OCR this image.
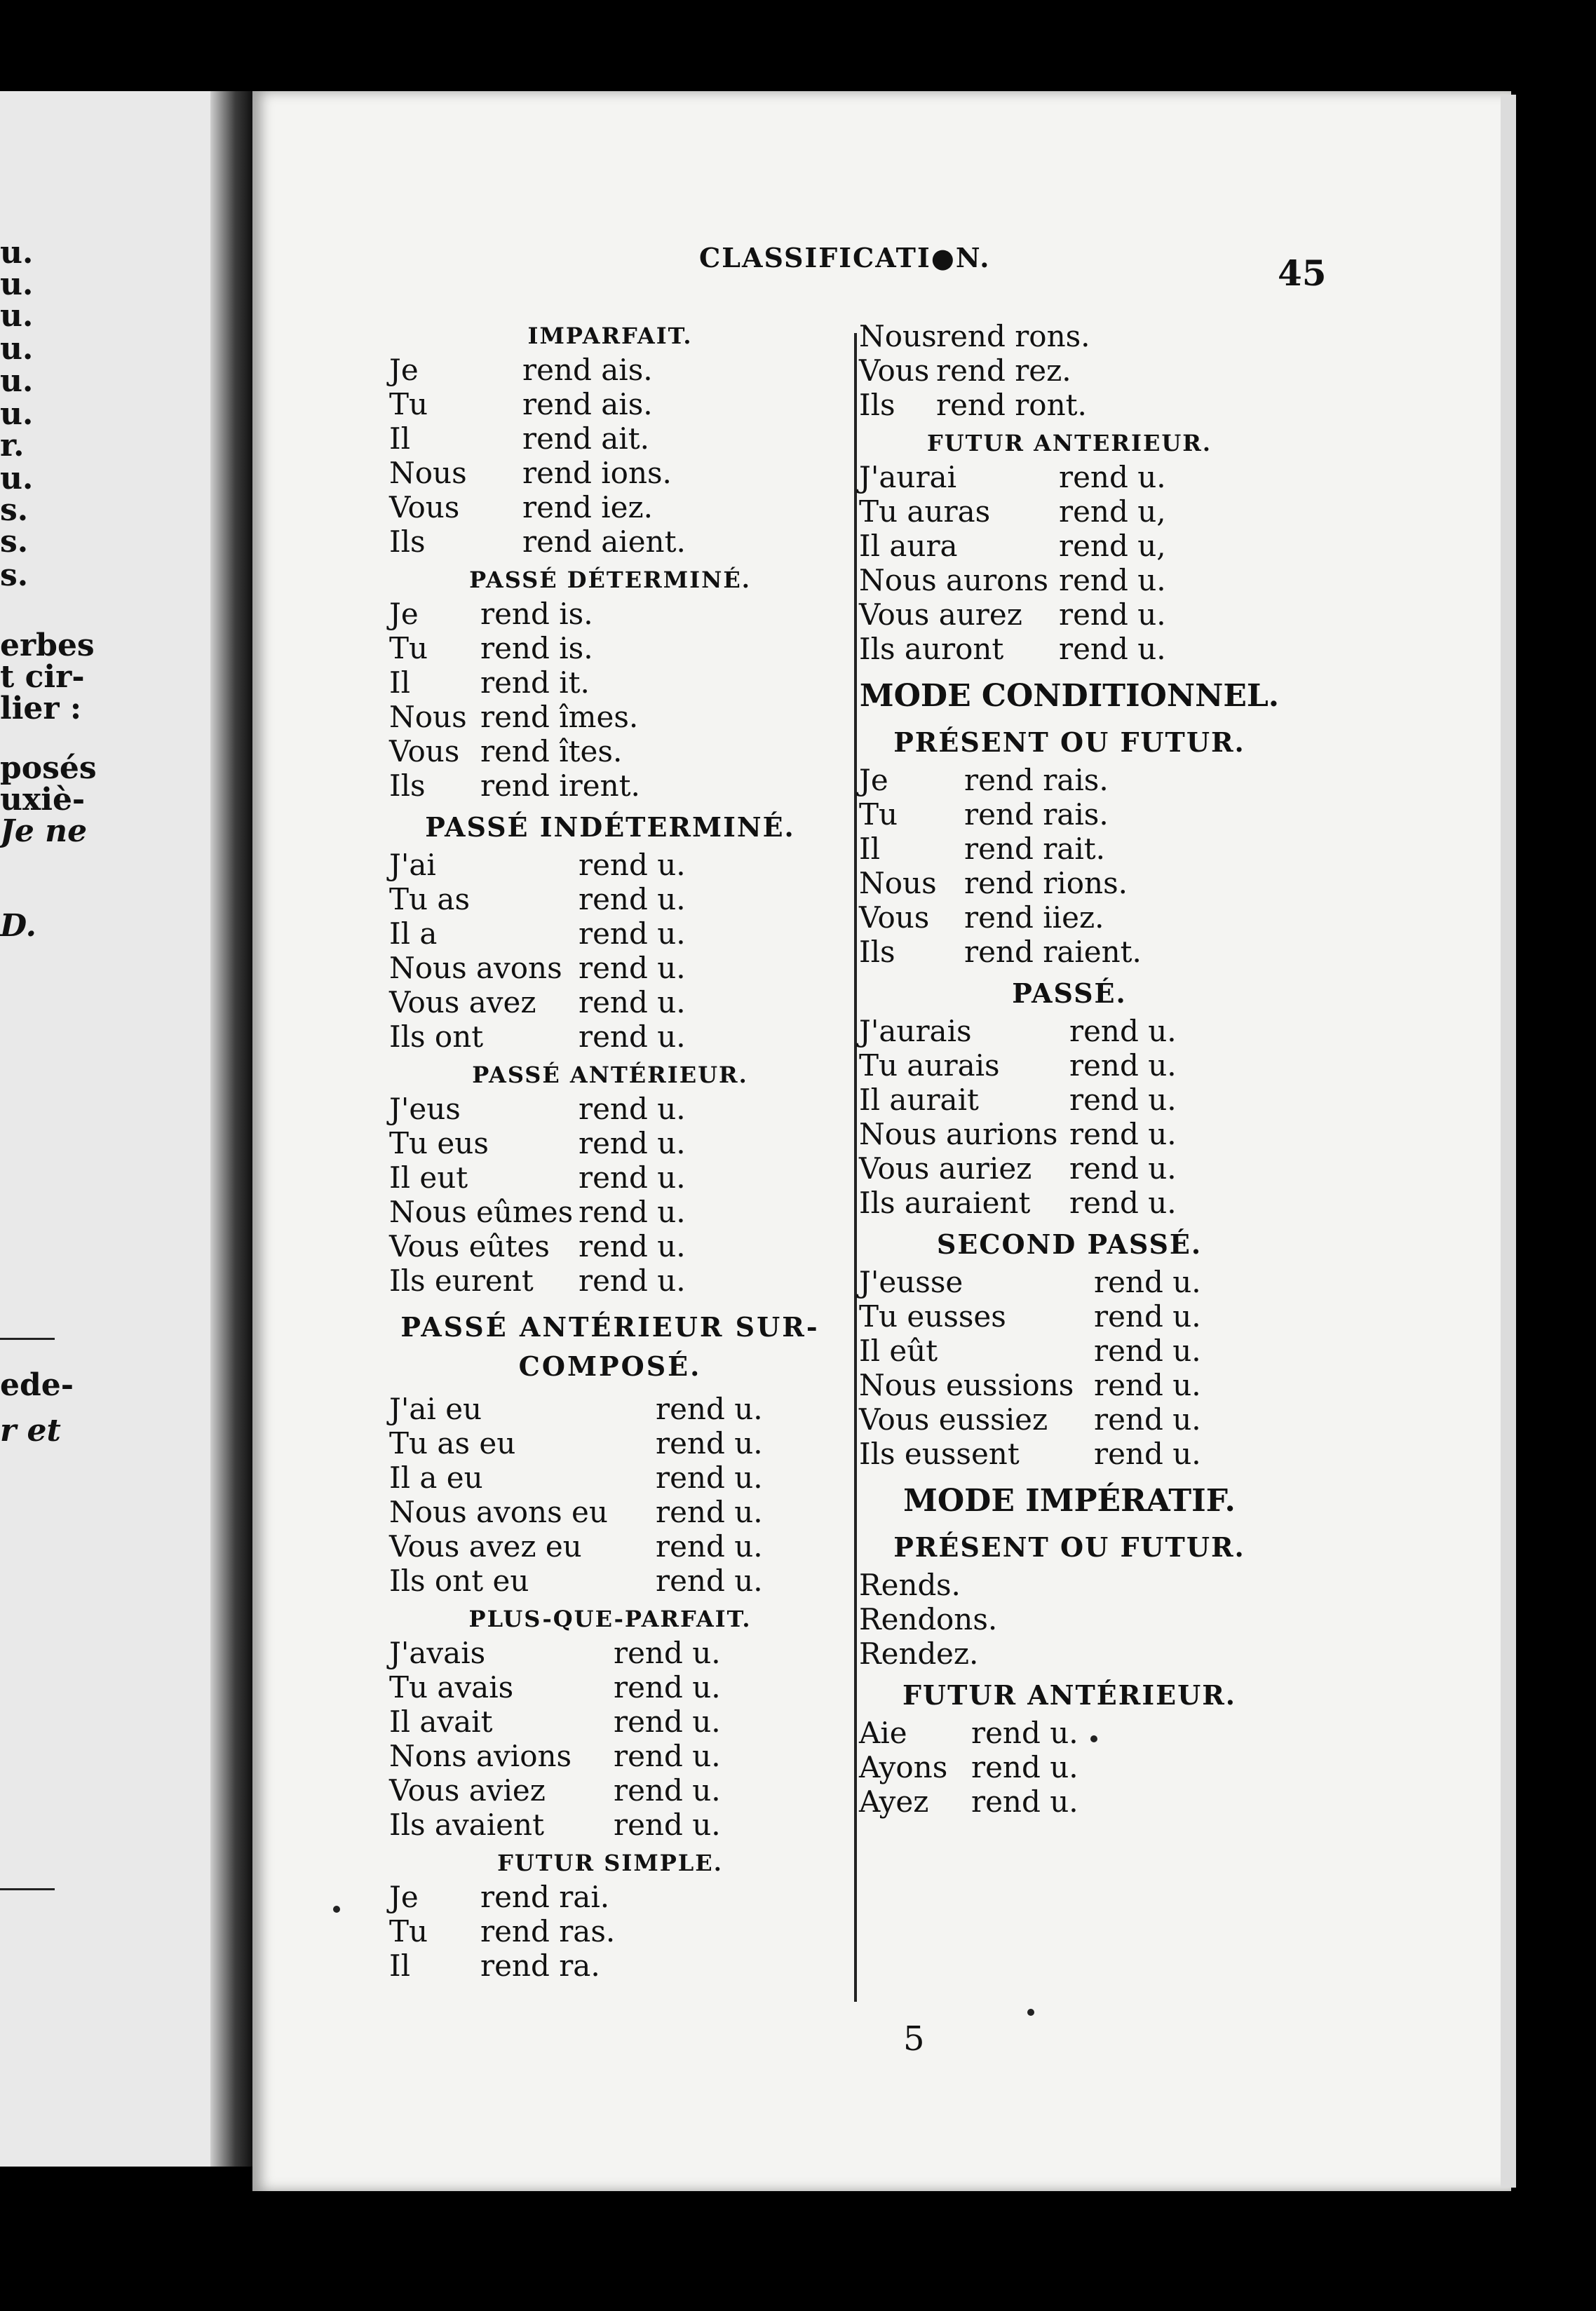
u.
u.
u.
u.
u.
u.
r.
u.
s.
s.
s.
erbes
t cir-
lier :
posés
uxiè-
Je ne
D.
ede-
r et
CLASSIFICATI●N.	45
IMPARFAIT.
Je	rend ais.
Tu	rend ais.
Il	rend ait.
Nous rend ions.
Vous rend iez.
Ils	rend aient.
PASSÉ DÉTERMINÉ.
Je rend is.
Tu rend is.
Il rend it.
Nous rend îmes.
Vous rend îtes.
Ils rend irent.
PASSÉ INDÉTERMINÉ.
J'ai	rend u.
Tu as	rend u.
Il a	rend u.
Nous avons rend u.
Vous avez rend u.
Ils ont	rend u.
PASSÉ ANTÉRIEUR.
J'eus	rend u.
Tu eus	rend u.
Il eut	rend u.
Nous eûmes rend u.
Vous eûtes rend u.
Ils eurent rend u.
PASSÉ ANTÉRIEUR SUR-
COMPOSÉ.
J'ai eu	rend u.
Tu as eu	rend u.
Il a eu	rend u.
Nous avons eu rend u.
Vous avez eu	rend u.
Ils ont eu	rend u.
PLUS-QUE-PARFAIT.
J'avais	rend u.
Tu avais	rend u.
Il avait	rend u.
Nons avions rend u.
Vous aviez rend u.
Ils avaient rend u.
FUTUR SIMPLE.
Je rend rai.
Tu rend ras.
Il rend ra.
Nous rend rons.
Vous rend rez.
Ils rend ront.
FUTUR ANTERIEUR.
J'aurai	rend u.
Tu auras rend u,
Il aura	rend u,
Nous aurons rend u.
Vous aurez rend u.
Ils auront rend u.
MODE CONDITIONNEL.
PRÉSENT OU FUTUR.
Je	rend rais.
Tu rend rais.
Il	rend rait.
Nous rend rions.
Vous rend iiez.
Ils rend raient.
PASSÉ.
J'aurais	rend u.
Tu aurais rend u.
Il aurait	rend u.
Nous aurions rend u.
Vous auriez rend u.
Ils auraient rend u.
SECOND PASSÉ.
J'eusse	rend u.
Tu eusses	rend u.
Il eût	rend u.
Nous eussions rend u.
Vous eussiez rend u.
Ils eussent	rend u.
MODE IMPÉRATIF.
PRÉSENT OU FUTUR.
Rend s.
Rend ons.
Rend ez.
FUTUR ANTÉRIEUR.
Aie rend u.
Ayons rend u.
Ayez rend u.
5
